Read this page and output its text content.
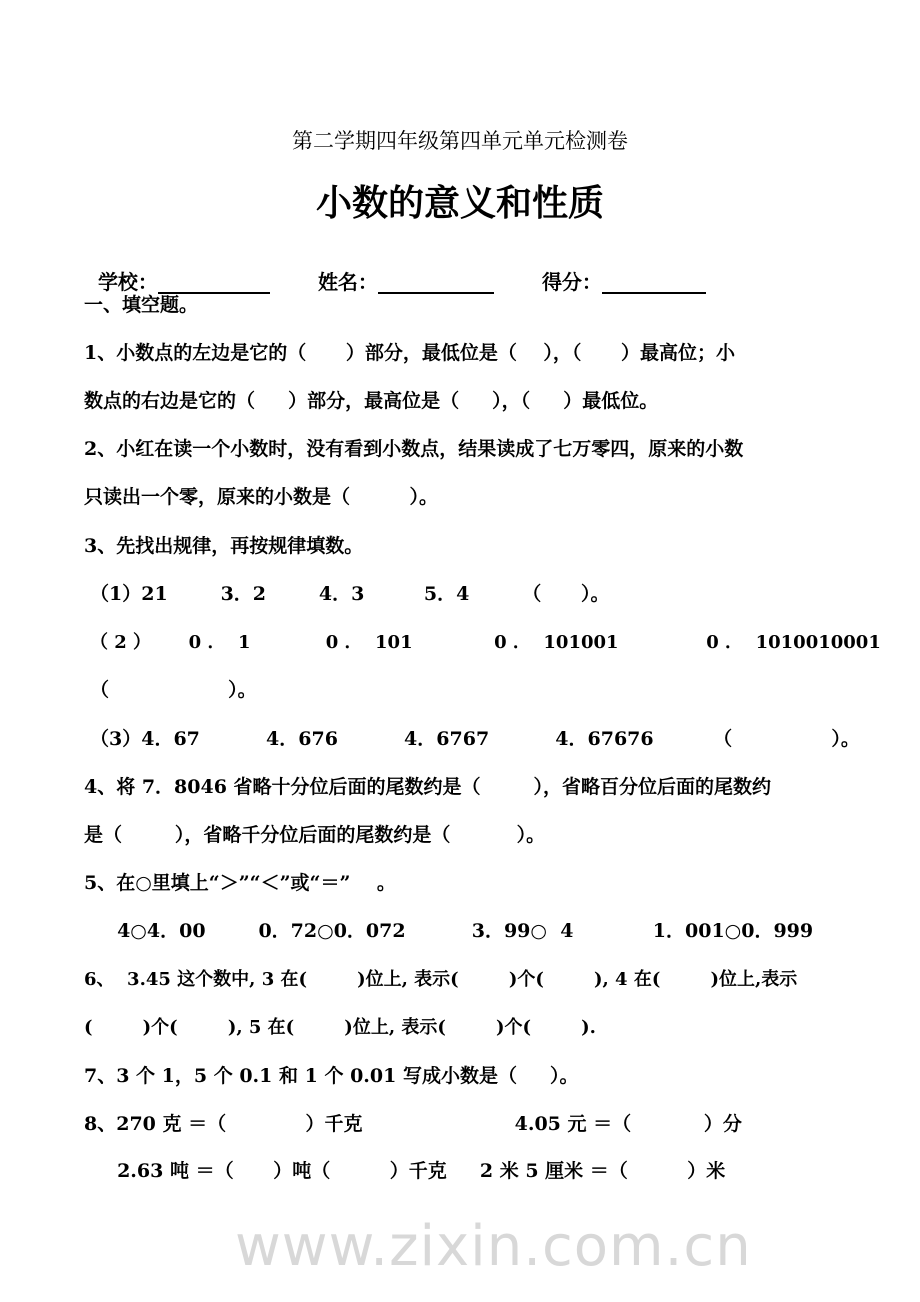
www.zixin.com.cn
第二学期四年级第四单元单元检测卷
小数的意义和性质

学校：	姓名：	得分：

一、填空题。
1、小数点的左边是它的（      ）部分，最低位是（    ），（      ）最高位；小
数点的右边是它的（     ）部分，最高位是（     ），（     ）最低位。
2、小红在读一个小数时，没有看到小数点，结果读成了七万零四，原来的小数
只读出一个零，原来的小数是（         ）。
3、先找出规律，再按规律填数。
（1）21        3．2        4．3         5．4        （      ）。
（ 2 ）      0 ．  1            0 ．  101             0 ．  101001              0 ．  1010010001
（                  ）。
（3）4．67          4．676          4．6767          4．67676         （               ）。
4、将 7．8046 省略十分位后面的尾数约是（        ），省略百分位后面的尾数约
是（        ），省略千分位后面的尾数约是（          ）。
5、在○里填上“＞”“＜”或“＝”    。
4○4．00        0．72○0．072          3．99○  4            1．001○0．999
6、  3.45 这个数中, 3 在(        )位上, 表示(        )个(        ), 4 在(        )位上,表示
(        )个(        ), 5 在(        )位上, 表示(        )个(        ).
7、3 个 1，5 个 0.1 和 1 个 0.01 写成小数是（     ）。
8、270 克 ＝（            ）千克                       4.05 元 ＝（           ）分
2.63 吨 ＝（      ）吨（         ）千克     2 米 5 厘米 ＝（         ）米
